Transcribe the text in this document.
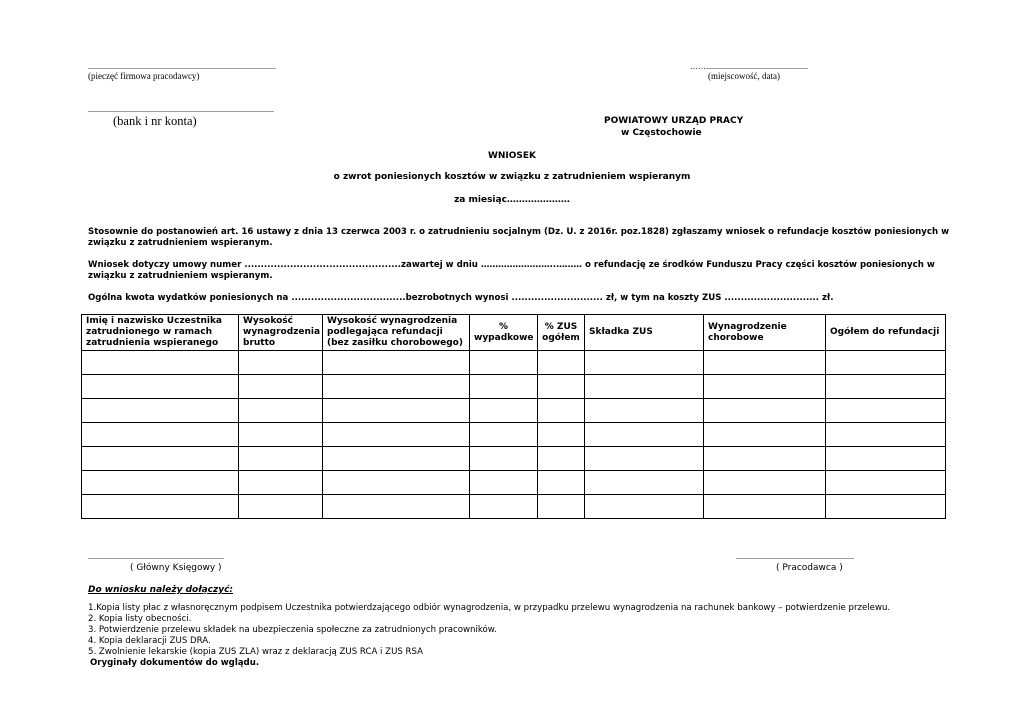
..............................................................................................
(pieczęć firmowa pracodawcy)
……...................................................
(miejscowość, data)
.............................................................................................
(bank i nr konta)	POWIATOWY URZĄD PRACY
w Częstochowie
WNIOSEK
o zwrot poniesionych kosztów w związku z zatrudnieniem wspieranym
za miesiąc…………………
Stosownie do postanowień art. 16 ustawy z dnia 13 czerwca 2003 r. o zatrudnieniu socjalnym (Dz. U. z 2016r. poz.1828) zgłaszamy wniosek o refundacje kosztów poniesionych w
związku z zatrudnieniem wspieranym.
Wniosek dotyczy umowy numer ................................................zawartej w dniu ……………………..……… o refundację ze środków Funduszu Pracy części kosztów poniesionych w
związku z zatrudnieniem wspieranym.
Ogólna kwota wydatków poniesionych na ...................................bezrobotnych wynosi ............................ zł, w tym na koszty ZUS ............................. zł.
Imię i nazwisko Uczestnika zatrudnionego w ramach zatrudnienia wspieranego	Wysokość wynagrodzenia brutto	Wysokość wynagrodzenia podlegająca refundacji (bez zasiłku chorobowego)	% wypadkowe	% ZUS ogółem	Składka ZUS	Wynagrodzenie chorobowe	Ogółem do refundacji

....................................................................
( Główny Księgowy )
...........................................................
( Pracodawca )
Do wniosku należy dołączyć:
1.Kopia listy płac z własnoręcznym podpisem Uczestnika potwierdzającego odbiór wynagrodzenia, w przypadku przelewu wynagrodzenia na rachunek bankowy – potwierdzenie przelewu.
2. Kopia listy obecności.
3. Potwierdzenie przelewu składek na ubezpieczenia społeczne za zatrudnionych pracowników.
4. Kopia deklaracji ZUS DRA.
5. Zwolnienie lekarskie (kopia ZUS ZLA) wraz z deklaracją ZUS RCA i ZUS RSA
Oryginały dokumentów do wglądu.
